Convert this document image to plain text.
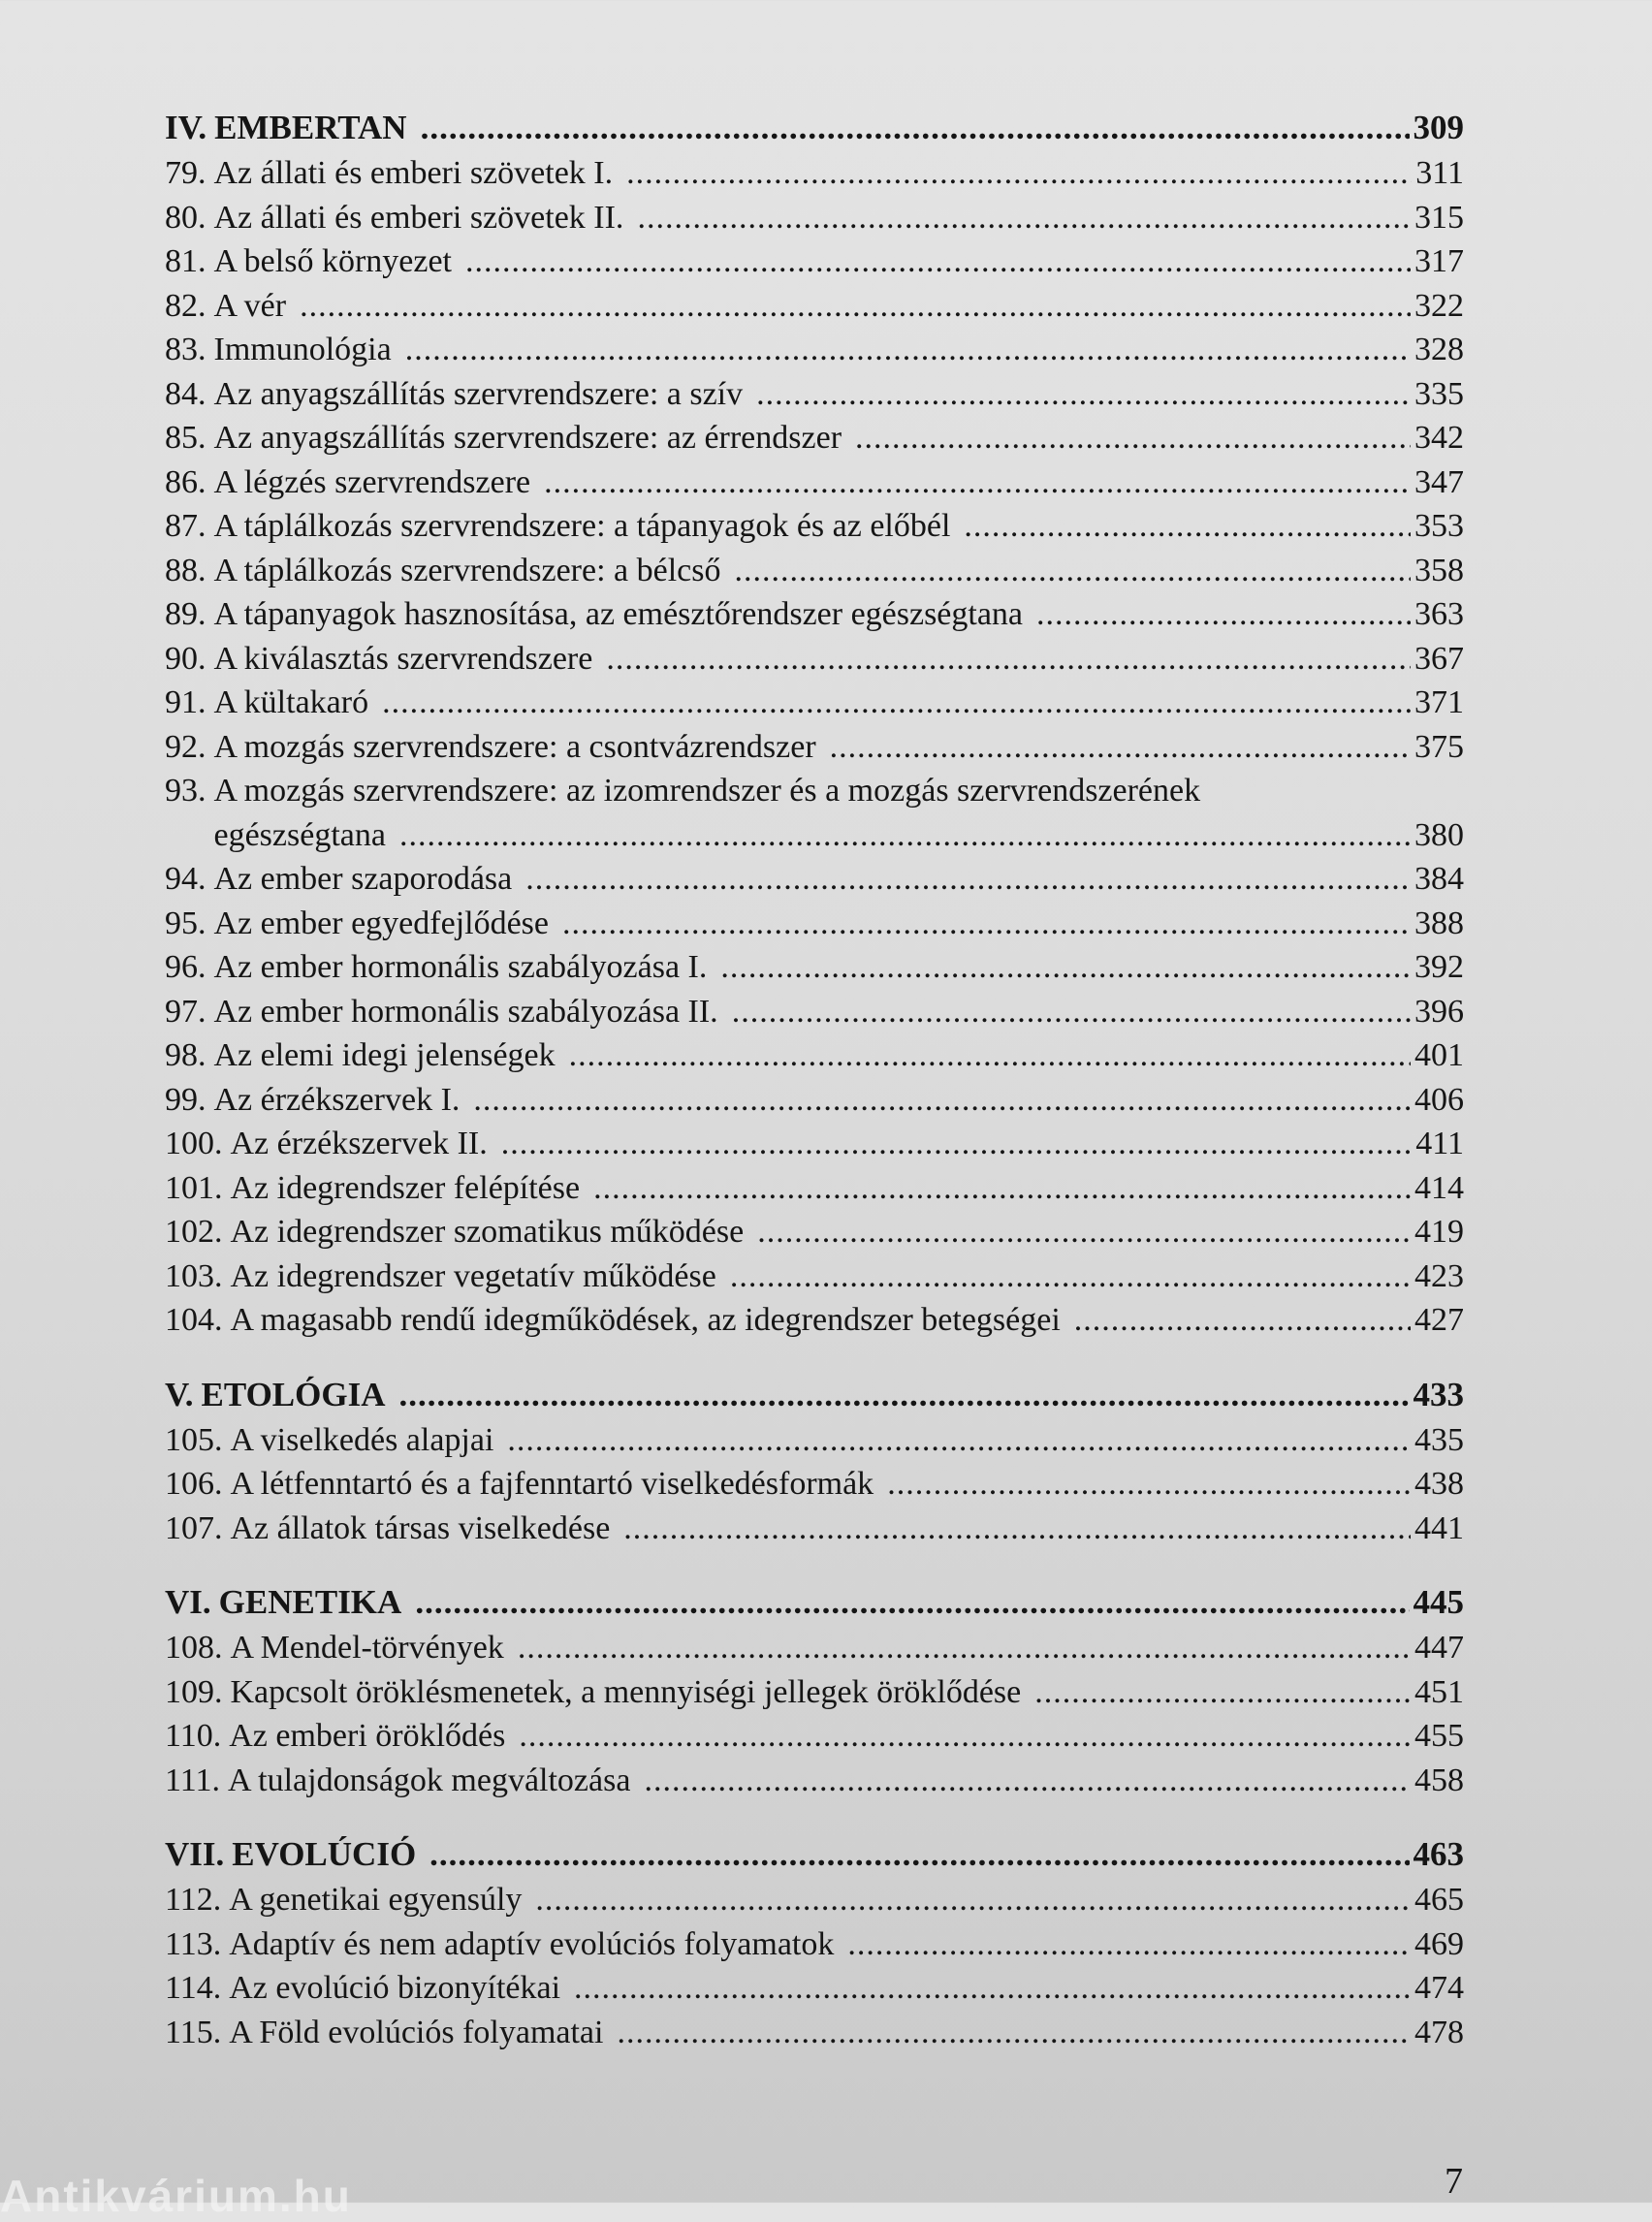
IV. EMBERTAN .....	309
79. Az állati és emberi szövetek I. .....	311
80. Az állati és emberi szövetek II. .....	315
81. A belső környezet .....	317
82. A vér .....	322
83. Immunológia .....	328
84. Az anyagszállítás szervrendszere: a szív .....	335
85. Az anyagszállítás szervrendszere: az érrendszer .....	342
86. A légzés szervrendszere .....	347
87. A táplálkozás szervrendszere: a tápanyagok és az előbél .....	353
88. A táplálkozás szervrendszere: a bélcső .....	358
89. A tápanyagok hasznosítása, az emésztőrendszer egészségtana .....	363
90. A kiválasztás szervrendszere .....	367
91. A kültakaró .....	371
92. A mozgás szervrendszere: a csontvázrendszer .....	375
93. A mozgás szervrendszere: az izomrendszer és a mozgás szervrendszerének
egészségtana .....	380
94. Az ember szaporodása .....	384
95. Az ember egyedfejlődése .....	388
96. Az ember hormonális szabályozása I. .....	392
97. Az ember hormonális szabályozása II. .....	396
98. Az elemi idegi jelenségek .....	401
99. Az érzékszervek I. .....	406
100. Az érzékszervek II. .....	411
101. Az idegrendszer felépítése .....	414
102. Az idegrendszer szomatikus működése .....	419
103. Az idegrendszer vegetatív működése .....	423
104. A magasabb rendű idegműködések, az idegrendszer betegségei .....	427
V. ETOLÓGIA .....	433
105. A viselkedés alapjai .....	435
106. A létfenntartó és a fajfenntartó viselkedésformák .....	438
107. Az állatok társas viselkedése .....	441
VI. GENETIKA .....	445
108. A Mendel-törvények .....	447
109. Kapcsolt öröklésmenetek, a mennyiségi jellegek öröklődése .....	451
110. Az emberi öröklődés .....	455
111. A tulajdonságok megváltozása .....	458
VII. EVOLÚCIÓ .....	463
112. A genetikai egyensúly .....	465
113. Adaptív és nem adaptív evolúciós folyamatok .....	469
114. Az evolúció bizonyítékai .....	474
115. A Föld evolúciós folyamatai .....	478
7
Antikvárium.hu
